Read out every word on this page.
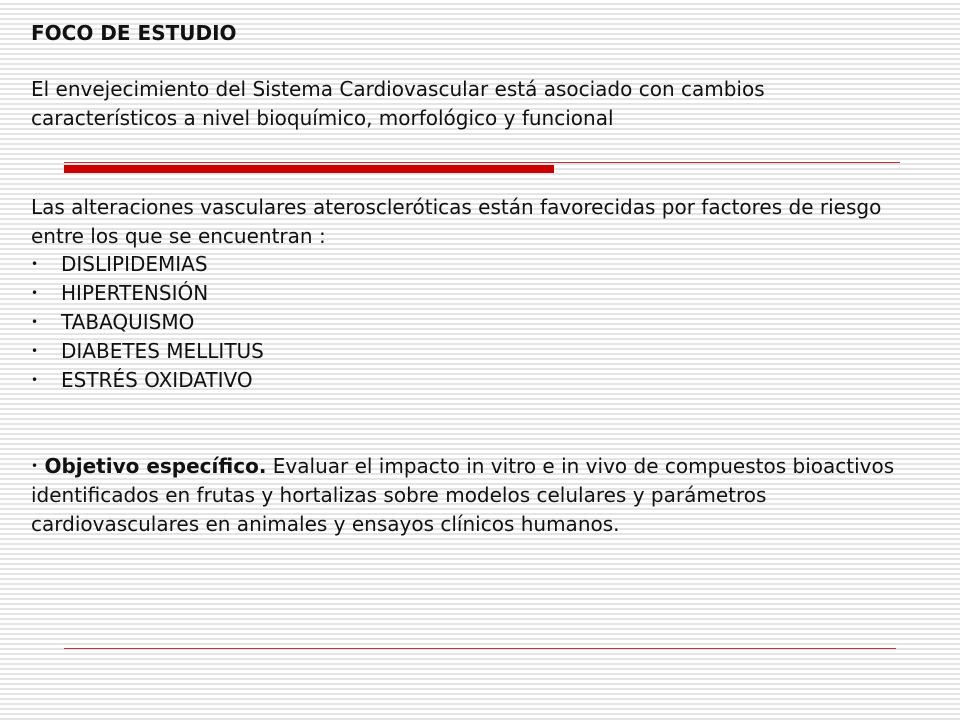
FOCO DE ESTUDIO

El envejecimiento del Sistema Cardiovascular está asociado con cambios característicos a nivel bioquímico, morfológico y funcional

Las alteraciones vasculares ateroscleróticas están favorecidas por factores de riesgo entre los que se encuentran :

• DISLIPIDEMIAS
• HIPERTENSIÓN
• TABAQUISMO
• DIABETES MELLITUS
• ESTRÉS OXIDATIVO

• Objetivo específico. Evaluar el impacto in vitro e in vivo de compuestos bioactivos identificados en frutas y hortalizas sobre modelos celulares y parámetros cardiovasculares en animales y ensayos clínicos humanos.
